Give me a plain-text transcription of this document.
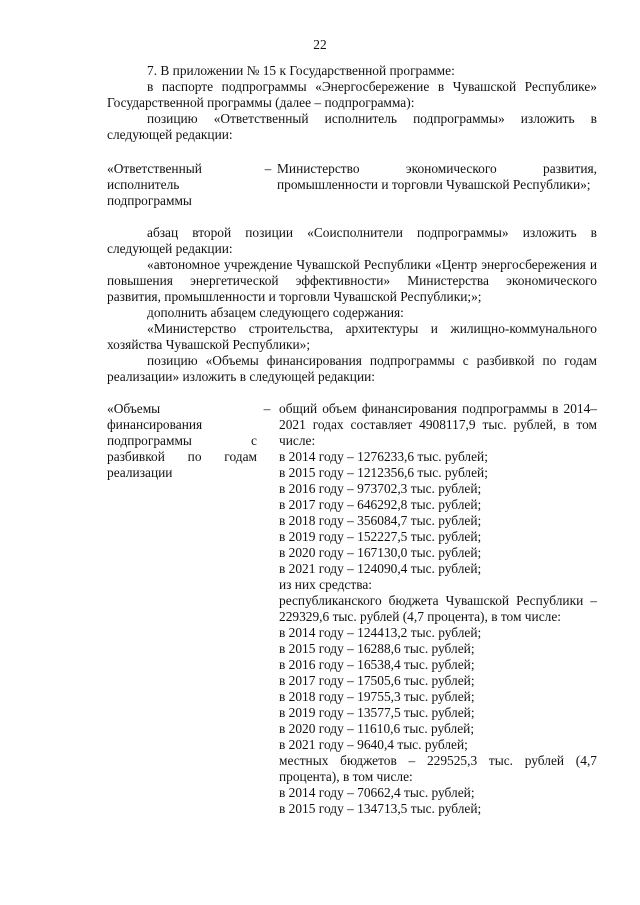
22

7. В приложении № 15 к Государственной программе:

в паспорте подпрограммы «Энергосбережение в Чувашской Республике» Государственной программы (далее – подпрограмма):

позицию «Ответственный исполнитель подпрограммы» изложить в следующей редакции:

«Ответственный исполнитель подпрограммы
– Министерство экономического развития, промышленности и торговли Чувашской Республики»;

абзац второй позиции «Соисполнители подпрограммы» изложить в следующей редакции:

«автономное учреждение Чувашской Республики «Центр энергосбережения и повышения энергетической эффективности» Министерства экономического развития, промышленности и торговли Чувашской Республики;»;

дополнить абзацем следующего содержания:

«Министерство строительства, архитектуры и жилищно-коммунального хозяйства Чувашской Республики»;

позицию «Объемы финансирования подпрограммы с разбивкой по годам реализации» изложить в следующей редакции:

«Объемы финансирования подпрограммы с разбивкой по годам реализации
– общий объем финансирования подпрограммы в 2014–2021 годах составляет 4908117,9 тыс. рублей, в том числе:

в 2014 году – 1276233,6 тыс. рублей;

в 2015 году – 1212356,6 тыс. рублей;

в 2016 году – 973702,3 тыс. рублей;

в 2017 году – 646292,8 тыс. рублей;

в 2018 году – 356084,7 тыс. рублей;

в 2019 году – 152227,5 тыс. рублей;

в 2020 году – 167130,0 тыс. рублей;

в 2021 году – 124090,4 тыс. рублей;

из них средства:

республиканского бюджета Чувашской Республики – 229329,6 тыс. рублей (4,7 процента), в том числе:

в 2014 году – 124413,2 тыс. рублей;

в 2015 году – 16288,6 тыс. рублей;

в 2016 году – 16538,4 тыс. рублей;

в 2017 году – 17505,6 тыс. рублей;

в 2018 году – 19755,3 тыс. рублей;

в 2019 году – 13577,5 тыс. рублей;

в 2020 году – 11610,6 тыс. рублей;

в 2021 году – 9640,4 тыс. рублей;

местных бюджетов – 229525,3 тыс. рублей (4,7 процента), в том числе:

в 2014 году – 70662,4 тыс. рублей;

в 2015 году – 134713,5 тыс. рублей;
